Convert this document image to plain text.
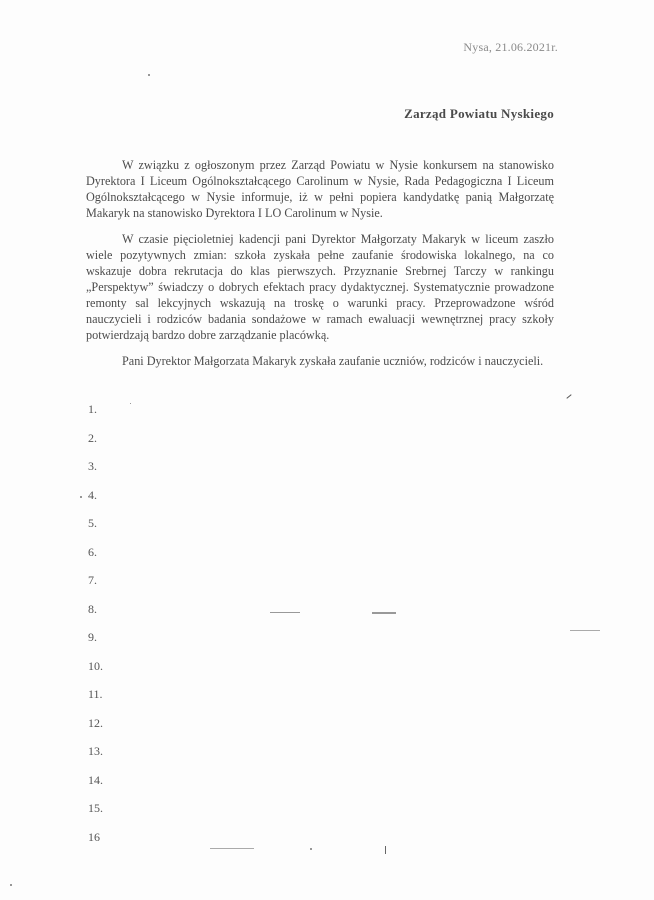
Nysa, 21.06.2021r.
Zarząd Powiatu Nyskiego

W związku z ogłoszonym przez Zarząd Powiatu w Nysie konkursem na stanowisko Dyrektora I Liceum Ogólnokształcącego Carolinum w Nysie, Rada Pedagogiczna I Liceum Ogólnokształcącego w Nysie informuje, iż w pełni popiera kandydatkę panią Małgorzatę Makaryk na stanowisko Dyrektora I LO Carolinum w Nysie.

W czasie pięcioletniej kadencji pani Dyrektor Małgorzaty Makaryk w liceum zaszło wiele pozytywnych zmian: szkoła zyskała pełne zaufanie środowiska lokalnego, na co wskazuje dobra rekrutacja do klas pierwszych. Przyznanie Srebrnej Tarczy w rankingu „Perspektyw” świadczy o dobrych efektach pracy dydaktycznej. Systematycznie prowadzone remonty sal lekcyjnych wskazują na troskę o warunki pracy. Przeprowadzone wśród nauczycieli i rodziców badania sondażowe w ramach ewaluacji wewnętrznej pracy szkoły potwierdzają bardzo dobre zarządzanie placówką.

Pani Dyrektor Małgorzata Makaryk zyskała zaufanie uczniów, rodziców i nauczycieli.

1.
2.
3.
4.
5.
6.
7.
8.
9.
10.
11.
12.
13.
14.
15.
16
